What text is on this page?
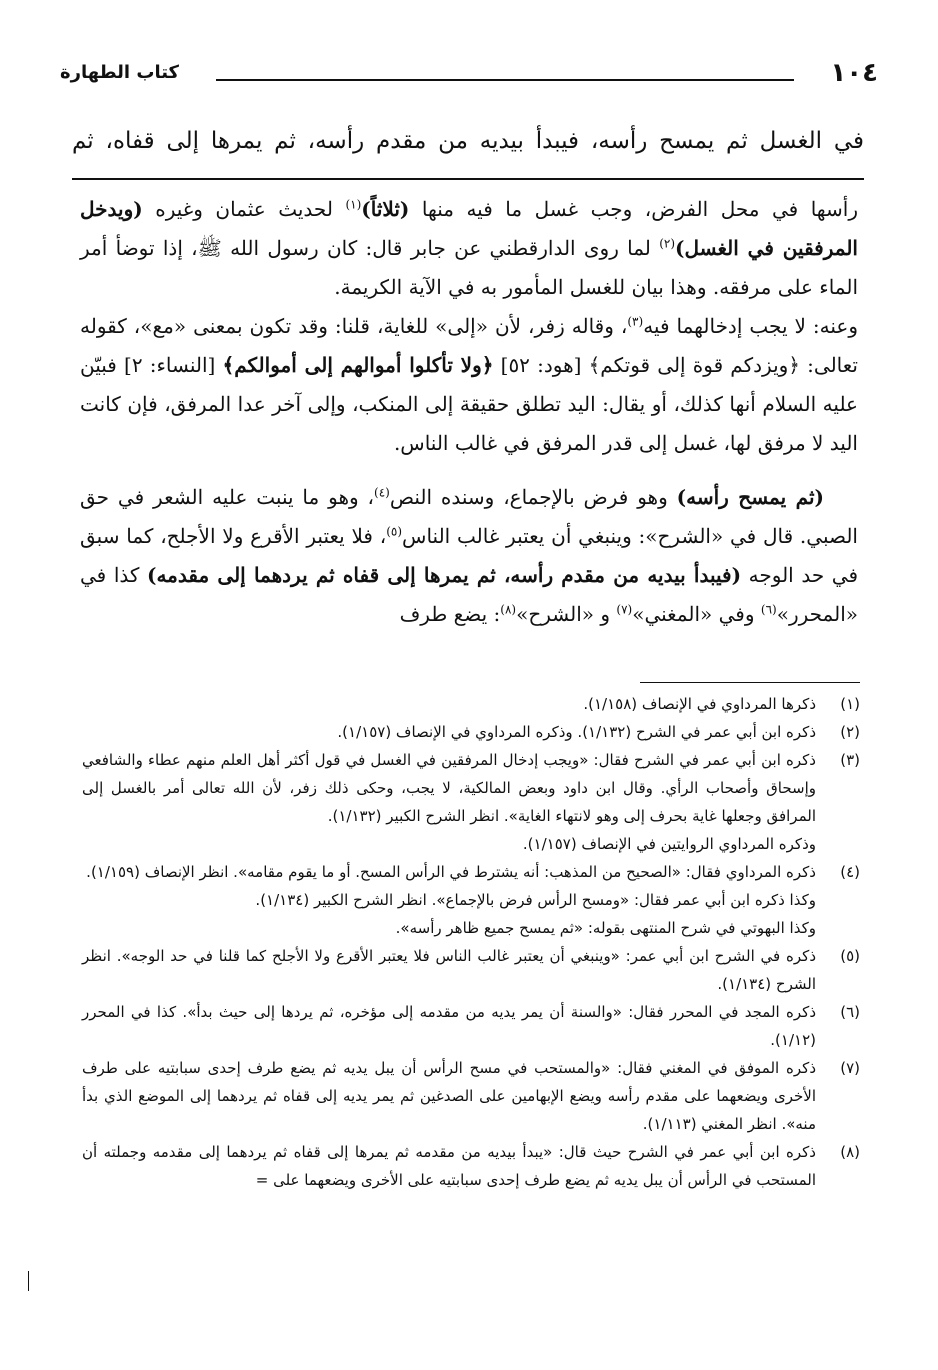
١٠٤
كتاب الطهارة
في الغسل ثم يمسح رأسه، فيبدأ بيديه من مقدم رأسه، ثم يمرها إلى قفاه، ثم

رأسها في محل الفرض، وجب غسل ما فيه منها (ثلاثاً)$^{(١)}$ لحديث عثمان وغيره (ويدخل المرفقين في الغسل)$^{(٢)}$ لما روى الدارقطني عن جابر قال: كان رسول الله ﷺ، إذا توضأ أمر الماء على مرفقه. وهذا بيان للغسل المأمور به في الآية الكريمة.

وعنه: لا يجب إدخالهما فيه$^{(٣)}$، وقاله زفر، لأن «إلى» للغاية، قلنا: وقد تكون بمعنى «مع»، كقوله تعالى: ﴿ويزدكم قوة إلى قوتكم﴾ [هود: ٥٢] ﴿ولا تأكلوا أموالهم إلى أموالكم﴾ [النساء: ٢] فبيّن عليه السلام أنها كذلك، أو يقال: اليد تطلق حقيقة إلى المنكب، وإلى آخر عدا المرفق، فإن كانت اليد لا مرفق لها، غسل إلى قدر المرفق في غالب الناس.

(ثم يمسح رأسه) وهو فرض بالإجماع، وسنده النص$^{(٤)}$، وهو ما ينبت عليه الشعر في حق الصبي. قال في «الشرح»: وينبغي أن يعتبر غالب الناس$^{(٥)}$، فلا يعتبر الأقرع ولا الأجلح، كما سبق في حد الوجه (فيبدأ بيديه من مقدم رأسه، ثم يمرها إلى قفاه ثم يردهما إلى مقدمه) كذا في «المحرر»$^{(٦)}$ وفي «المغني»$^{(٧)}$ و «الشرح»$^{(٨)}$: يضع طرف

(١)
ذكرها المرداوي في الإنصاف (١/١٥٨).
(٢)
ذكره ابن أبي عمر في الشرح (١/١٣٢). وذكره المرداوي في الإنصاف (١/١٥٧).
(٣)
ذكره ابن أبي عمر في الشرح فقال: «ويجب إدخال المرفقين في الغسل في قول أكثر أهل العلم منهم عطاء والشافعي وإسحاق وأصحاب الرأي. وقال ابن داود وبعض المالكية، لا يجب، وحكى ذلك زفر، لأن الله تعالى أمر بالغسل إلى المرافق وجعلها غاية بحرف إلى وهو لانتهاء الغاية». انظر الشرح الكبير (١/١٣٢).
وذكره المرداوي الروايتين في الإنصاف (١/١٥٧).
(٤)
ذكره المرداوي فقال: «الصحيح من المذهب: أنه يشترط في الرأس المسح. أو ما يقوم مقامه». انظر الإنصاف (١/١٥٩).
وكذا ذكره ابن أبي عمر فقال: «ومسح الرأس فرض بالإجماع». انظر الشرح الكبير (١/١٣٤).
وكذا البهوتي في شرح المنتهى بقوله: «ثم يمسح جميع ظاهر رأسه».
(٥)
ذكره في الشرح ابن أبي عمر: «وينبغي أن يعتبر غالب الناس فلا يعتبر الأقرع ولا الأجلح كما قلنا في حد الوجه». انظر الشرح (١/١٣٤).
(٦)
ذكره المجد في المحرر فقال: «والسنة أن يمر يديه من مقدمه إلى مؤخره، ثم يردها إلى حيث بدأ». كذا في المحرر (١/١٢).
(٧)
ذكره الموفق في المغني فقال: «والمستحب في مسح الرأس أن يبل يديه ثم يضع طرف إحدى سبابتيه على طرف الأخرى ويضعهما على مقدم رأسه ويضع الإبهامين على الصدغين ثم يمر يديه إلى قفاه ثم يردهما إلى الموضع الذي بدأ منه». انظر المغني (١/١١٣).
(٨)
ذكره ابن أبي عمر في الشرح حيث قال: «يبدأ بيديه من مقدمه ثم يمرها إلى قفاه ثم يردهما إلى مقدمه وجملته أن المستحب في الرأس أن يبل يديه ثم يضع طرف إحدى سبابتيه على الأخرى ويضعهما على =
